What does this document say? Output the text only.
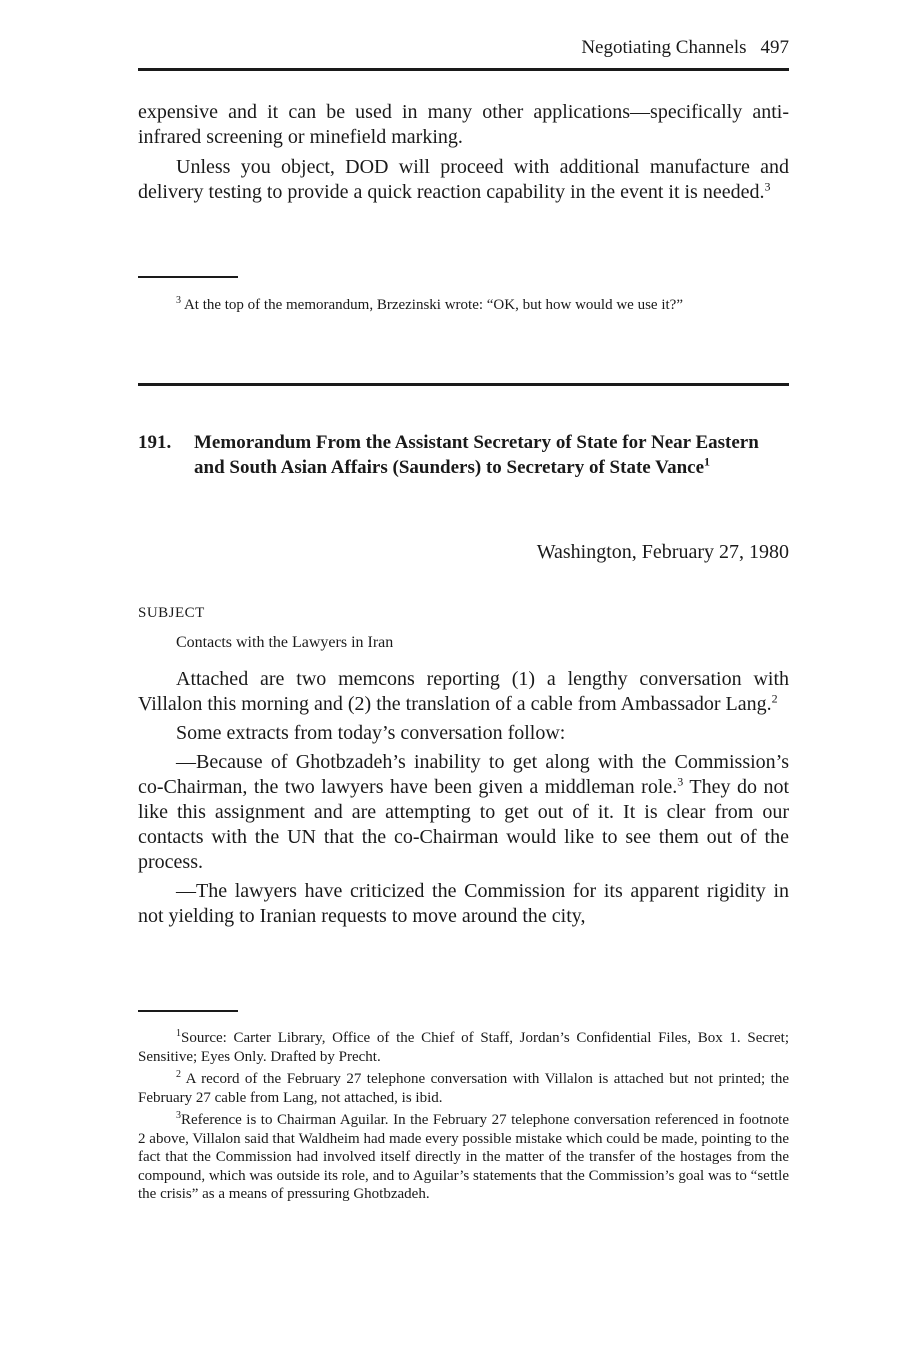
Negotiating Channels 497

expensive and it can be used in many other applications—specifically anti-infrared screening or minefield marking.

Unless you object, DOD will proceed with additional manufacture and delivery testing to provide a quick reaction capability in the event it is needed.$^3$

$^3$ At the top of the memorandum, Brzezinski wrote: “OK, but how would we use it?”

191. Memorandum From the Assistant Secretary of State for Near Eastern and South Asian Affairs (Saunders) to Secretary of State Vance$^1$
Washington, February 27, 1980
SUBJECT
Contacts with the Lawyers in Iran

Attached are two memcons reporting (1) a lengthy conversation with Villalon this morning and (2) the translation of a cable from Ambassador Lang.$^2$

Some extracts from today’s conversation follow:

—Because of Ghotbzadeh’s inability to get along with the Commission’s co-Chairman, the two lawyers have been given a middleman role.$^3$ They do not like this assignment and are attempting to get out of it. It is clear from our contacts with the UN that the co-Chairman would like to see them out of the process.

—The lawyers have criticized the Commission for its apparent rigidity in not yielding to Iranian requests to move around the city,

$^1$Source: Carter Library, Office of the Chief of Staff, Jordan’s Confidential Files, Box 1. Secret; Sensitive; Eyes Only. Drafted by Precht.

$^2$ A record of the February 27 telephone conversation with Villalon is attached but not printed; the February 27 cable from Lang, not attached, is ibid.

$^3$Reference is to Chairman Aguilar. In the February 27 telephone conversation referenced in footnote 2 above, Villalon said that Waldheim had made every possible mistake which could be made, pointing to the fact that the Commission had involved itself directly in the matter of the transfer of the hostages from the compound, which was outside its role, and to Aguilar’s statements that the Commission’s goal was to “settle the crisis” as a means of pressuring Ghotbzadeh.
